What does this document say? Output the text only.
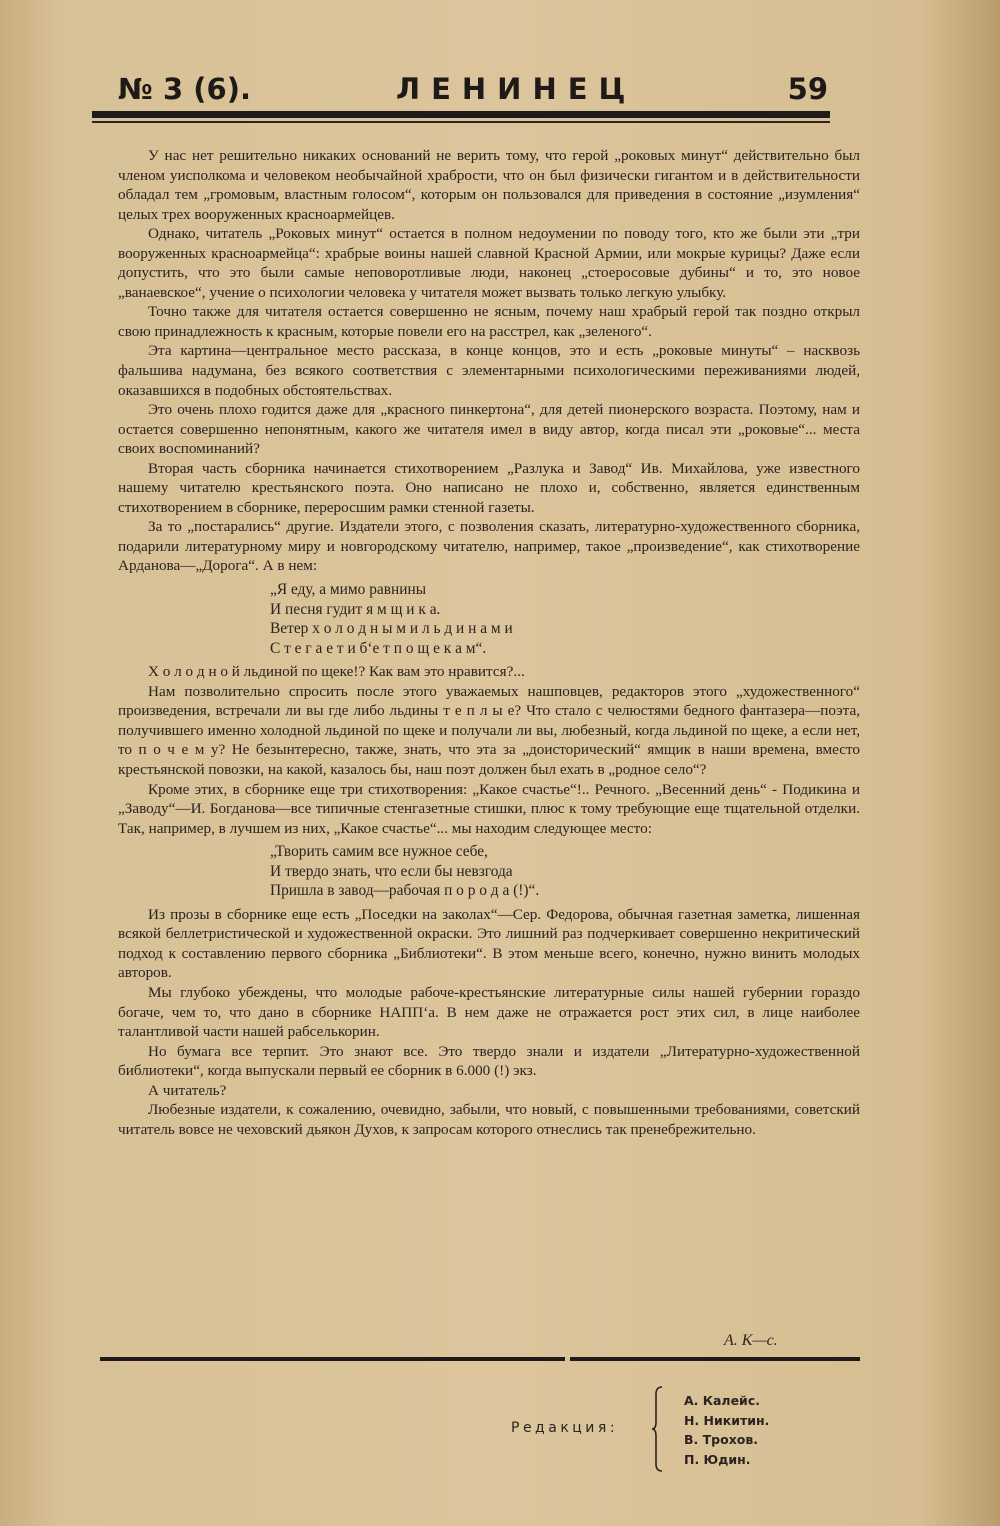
№ 3 (6).	ЛЕНИНЕЦ	59

У нас нет решительно никаких оснований не верить тому, что герой „роковых минут“ действительно был членом уисполкома и человеком необычайной храбрости, что он был физически гигантом и в действительности обладал тем „громовым, властным голосом“, которым он пользовался для приведения в состояние „изумления“ целых трех вооруженных красноармейцев.

Однако, читатель „Роковых минут“ остается в полном недоумении по поводу того, кто же были эти „три вооруженных красноармейца“: храбрые воины нашей славной Красной Армии, или мокрые курицы? Даже если допустить, что это были самые неповоротливые люди, наконец „стоеросовые дубины“ и то, это новое „ванаевское“, учение о психологии человека у читателя может вызвать только легкую улыбку.

Точно также для читателя остается совершенно не ясным, почему наш храбрый герой так поздно открыл свою принадлежность к красным, которые повели его на расстрел, как „зеленого“.

Эта картина—центральное место рассказа, в конце концов, это и есть „роковые минуты“ – насквозь фальшива надумана, без всякого соответствия с элементарными психологическими переживаниями людей, оказавшихся в подобных обстоятельствах.

Это очень плохо годится даже для „красного пинкертона“, для детей пионерского возраста. Поэтому, нам и остается совершенно непонятным, какого же читателя имел в виду автор, когда писал эти „роковые“... места своих воспоминаний?

Вторая часть сборника начинается стихотворением „Разлука и Завод“ Ив. Михайлова, уже известного нашему читателю крестьянского поэта. Оно написано не плохо и, собственно, является единственным стихотворением в сборнике, переросшим рамки стенной газеты.

За то „постарались“ другие. Издатели этого, с позволения сказать, литературно-художественного сборника, подарили литературному миру и новгородскому читателю, например, такое „произведение“, как стихотворение Арданова—„Дорога“. А в нем:

„Я еду, а мимо равнины
И песня гудит я м щ и к а.
Ветер х о л о д н ы м и л ь д и н а м и
С т е г а е т и б‘е т п о щ е к а м“.

Х о л о д н о й льдиной по щеке!? Как вам это нравится?...

Нам позволительно спросить после этого уважаемых нашповцев, редакторов этого „художественного“ произведения, встречали ли вы где либо льдины т е п л ы е? Что стало с челюстями бедного фантазера—поэта, получившего именно холодной льдиной по щеке и получали ли вы, любезный, когда льдиной по щеке, а если нет, то п о ч е м у? Не безынтересно, также, знать, что эта за „доисторический“ ямщик в наши времена, вместо крестьянской повозки, на какой, казалось бы, наш поэт должен был ехать в „родное село“?

Кроме этих, в сборнике еще три стихотворения: „Какое счастье“!.. Речного. „Весенний день“ - Подикина и „Заводу“—И. Богданова—все типичные стенгазетные стишки, плюс к тому требующие еще тщательной отделки. Так, например, в лучшем из них, „Какое счастье“... мы находим следующее место:

„Творить самим все нужное себе,
И твердо знать, что если бы невзгода
Пришла в завод—рабочая п о р о д а (!)“.

Из прозы в сборнике еще есть „Поседки на заколах“—Сер. Федорова, обычная газетная заметка, лишенная всякой беллетристической и художественной окраски. Это лишний раз подчеркивает совершенно некритический подход к составлению первого сборника „Библиотеки“. В этом меньше всего, конечно, нужно винить молодых авторов.

Мы глубоко убеждены, что молодые рабоче-крестьянские литературные силы нашей губернии гораздо богаче, чем то, что дано в сборнике НАПП‘а. В нем даже не отражается рост этих сил, в лице наиболее талантливой части нашей рабселькорин.

Но бумага все терпит. Это знают все. Это твердо знали и издатели „Литературно-художественной библиотеки“, когда выпускали первый ее сборник в 6.000 (!) экз.

А читатель?

Любезные издатели, к сожалению, очевидно, забыли, что новый, с повышенными требованиями, советский читатель вовсе не чеховский дьякон Духов, к запросам которого отнеслись так пренебрежительно.

А. К—с.
Редакция:
А. Калейс.
Н. Никитин.
В. Трохов.
П. Юдин.
